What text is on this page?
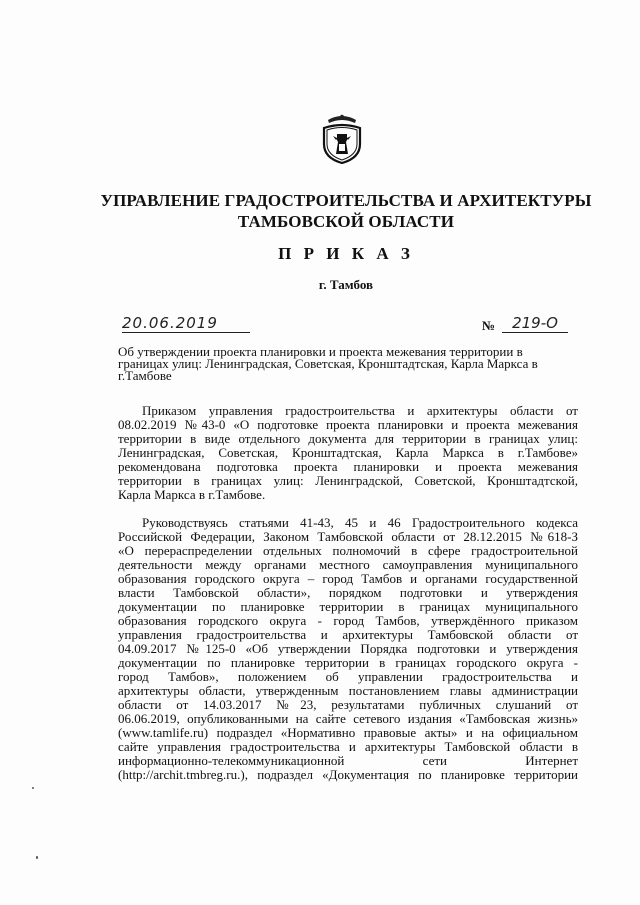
УПРАВЛЕНИЕ ГРАДОСТРОИТЕЛЬСТВА И АРХИТЕКТУРЫ
ТАМБОВСКОЙ ОБЛАСТИ
П Р И К А З
г. Тамбов
20.06.2019	№	219-О
Об утверждении проекта планировки и проекта межевания территории в
границах улиц: Ленинградская, Советская, Кронштадтская, Карла Маркса в
г.Тамбове
Приказом управления градостроительства и архитектуры области от
08.02.2019 №43-0 «О подготовке проекта планировки и проекта межевания
территории в виде отдельного документа для территории в границах улиц:
Ленинградская, Советская, Кронштадтская, Карла Маркса в г.Тамбове»
рекомендована подготовка проекта планировки и проекта межевания
территории в границах улиц: Ленинградской, Советской, Кронштадтской,
Карла Маркса в г.Тамбове.
Руководствуясь статьями 41-43, 45 и 46 Градостроительного кодекса
Российской Федерации, Законом Тамбовской области от 28.12.2015 №618-З
«О перераспределении отдельных полномочий в сфере градостроительной
деятельности между органами местного самоуправления муниципального
образования городского округа – город Тамбов и органами государственной
власти Тамбовской области», порядком подготовки и утверждения
документации по планировке территории в границах муниципального
образования городского округа - город Тамбов, утверждённого приказом
управления градостроительства и архитектуры Тамбовской области от
04.09.2017 №125-0 «Об утверждении Порядка подготовки и утверждения
документации по планировке территории в границах городского округа -
город Тамбов», положением об управлении градостроительства и
архитектуры области, утвержденным постановлением главы администрации
области от 14.03.2017 №23, результатами публичных слушаний от
06.06.2019, опубликованными на сайте сетевого издания «Тамбовская жизнь»
(www.tamlife.ru) подраздел «Нормативно правовые акты» и на официальном
сайте управления градостроительства и архитектуры Тамбовской области в
информационно-телекоммуникационной сети Интернет
(http://archit.tmbreg.ru.), подраздел «Документация по планировке территории
